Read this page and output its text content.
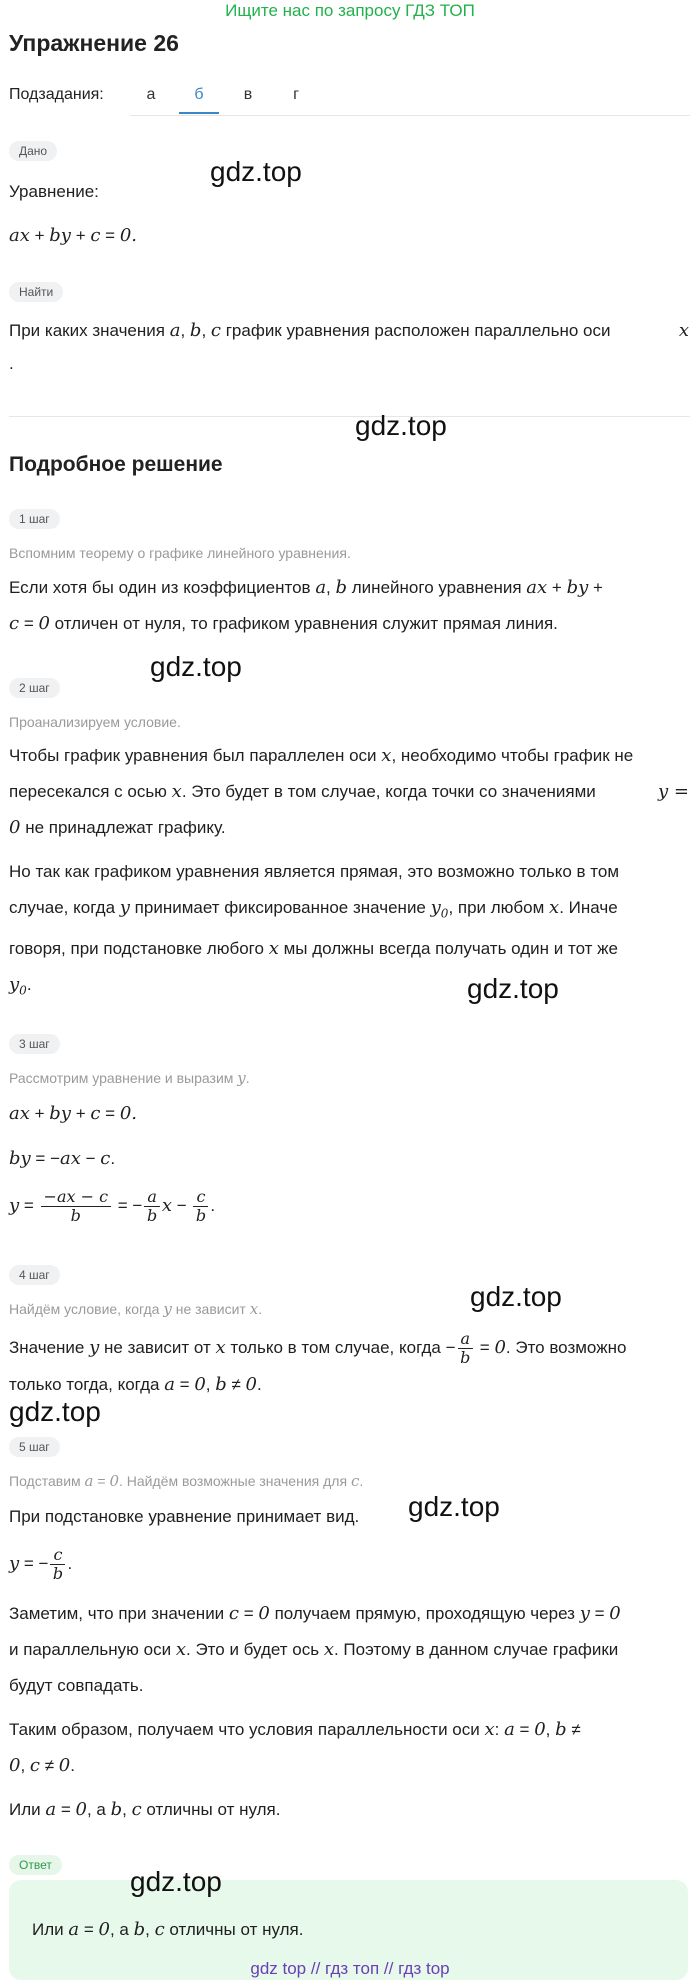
Ищите нас по запросу ГДЗ ТОП
Упражнение 26
Подзадания:	а	б	в	г
Дано
Уравнение:
ax + by + c = 0.
Найти
При каких значения a, b, c график уравнения расположен параллельно оси	x
.
Подробное решение
1 шаг
Вспомним теорему о графике линейного уравнения.
Если хотя бы один из коэффициентов a, b линейного уравнения ax + by +
c = 0 отличен от нуля, то графиком уравнения служит прямая линия.
2 шаг
Проанализируем условие.
Чтобы график уравнения был параллелен оси x, необходимо чтобы график не
пересекался с осью x. Это будет в том случае, когда точки со значениями	y =

0 не принадлежат графику.
Но так как графиком уравнения является прямая, это возможно только в том
случае, когда y принимает фиксированное значение $y_0$, при любом x. Иначе
говоря, при подстановке любого x мы должны всегда получать один и тот же
$y_0$.
3 шаг
Рассмотрим уравнение и выразим y.
ax + by + c = 0.
by = −ax − c.
$y = \frac{-ax - c}{b}$ = − $\frac{a}{b}$ $x - \frac{c}{b}$ .
4 шаг
Найдём условие, когда y не зависит x.
Значение y не зависит от x только в том случае, когда − $\frac{a}{b} = 0$. Это возможно
только тогда, когда a = 0, b ≠ 0.
5 шаг
Подставим a = 0. Найдём возможные значения для c.
При подстановке уравнение принимает вид.
y = − $\frac{c}{b}$ .
Заметим, что при значении c = 0 получаем прямую, проходящую через y = 0
и параллельную оси x. Это и будет ось x. Поэтому в данном случае графики
будут совпадать.
Таким образом, получаем что условия параллельности оси x: a = 0, b ≠
0, c ≠ 0.
Или a = 0, а b, c отличны от нуля.
Ответ
Или a = 0, а b, c отличны от нуля.
gdz.top
gdz.top
gdz.top
gdz.top
gdz.top
gdz.top
gdz.top
gdz.top
gdz top // гдз топ // гдз top
